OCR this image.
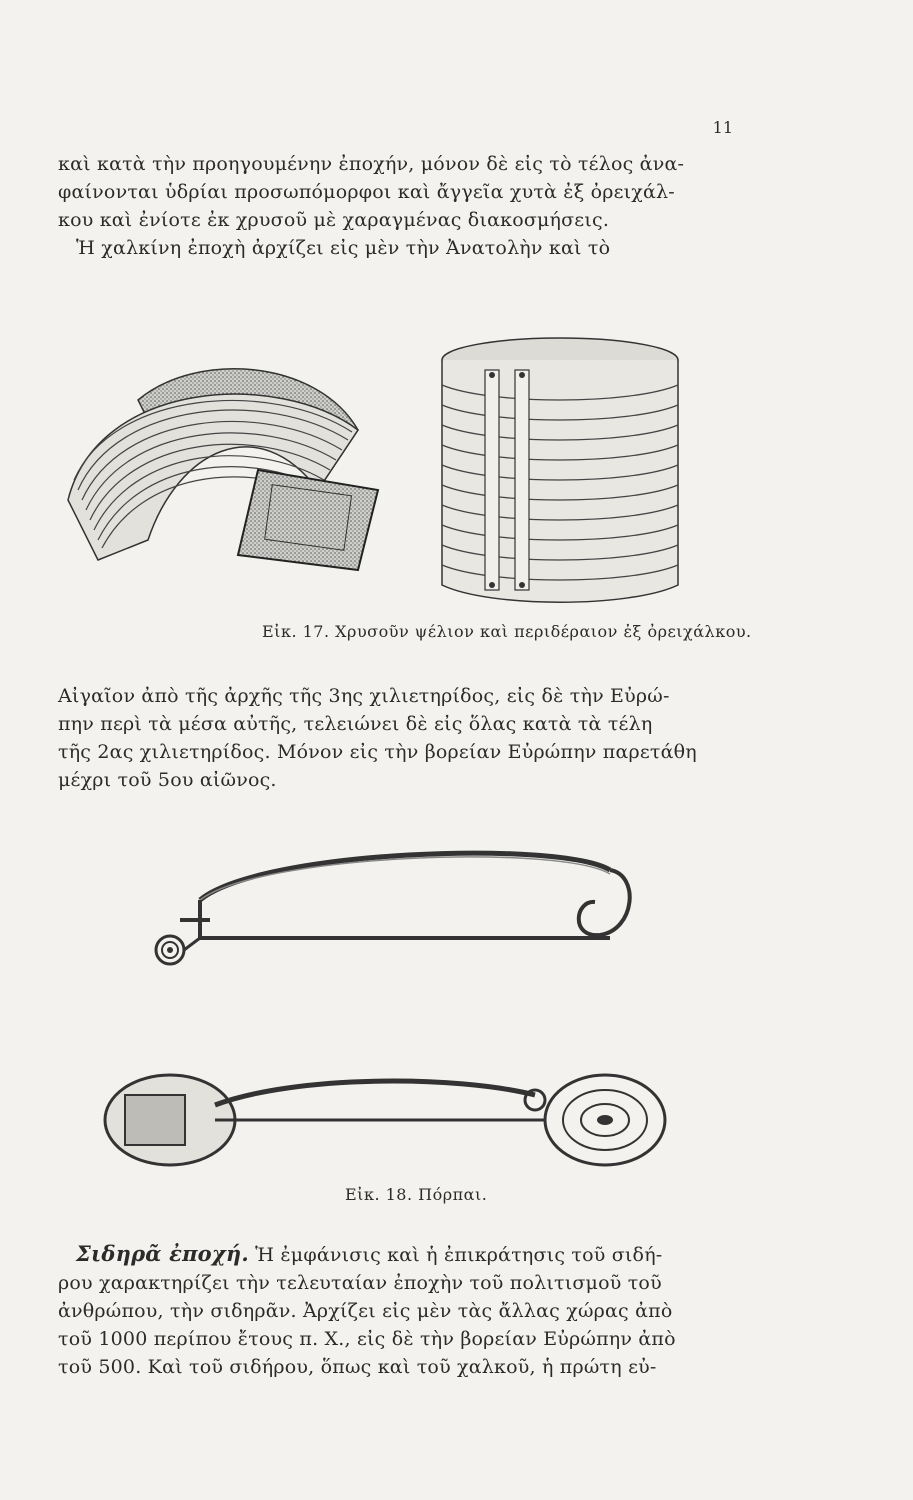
11
καὶ κατὰ τὴν προηγουμένην ἐποχήν, μόνον δὲ εἰς τὸ τέλος ἀνα-
φαίνονται ὑδρίαι προσωπόμορφοι καὶ ἄγγεῖα χυτὰ ἐξ ὀρειχάλ-
κου καὶ ἐνίοτε ἐκ χρυσοῦ μὲ χαραγμένας διακοσμήσεις.
Ἡ χαλκίνη ἐποχὴ ἀρχίζει εἰς μὲν τὴν Ἀνατολὴν καὶ τὸ
Εἰκ. 17. Χρυσοῦν ψέλιον καὶ περιδέραιον ἐξ ὀρειχάλκου.
Αἰγαῖον ἀπὸ τῆς ἀρχῆς τῆς 3ης χιλιετηρίδος, εἰς δὲ τὴν Εὐρώ-
πην περὶ τὰ μέσα αὐτῆς, τελειώνει δὲ εἰς ὅλας κατὰ τὰ τέλη
τῆς 2ας χιλιετηρίδος. Μόνον εἰς τὴν βορείαν Εὐρώπην παρετάθη
μέχρι τοῦ 5ου αἰῶνος.
Εἰκ. 18. Πόρπαι.
Σιδηρᾶ ἐποχή. Ἡ ἐμφάνισις καὶ ἡ ἐπικράτησις τοῦ σιδή-
ρου χαρακτηρίζει τὴν τελευταίαν ἐποχὴν τοῦ πολιτισμοῦ τοῦ
ἀνθρώπου, τὴν σιδηρᾶν. Ἀρχίζει εἰς μὲν τὰς ἄλλας χώρας ἀπὸ
τοῦ 1000 περίπου ἔτους π. Χ., εἰς δὲ τὴν βορείαν Εὐρώπην ἀπὸ
τοῦ 500. Καὶ τοῦ σιδήρου, ὅπως καὶ τοῦ χαλκοῦ, ἡ πρώτη εὐ-
